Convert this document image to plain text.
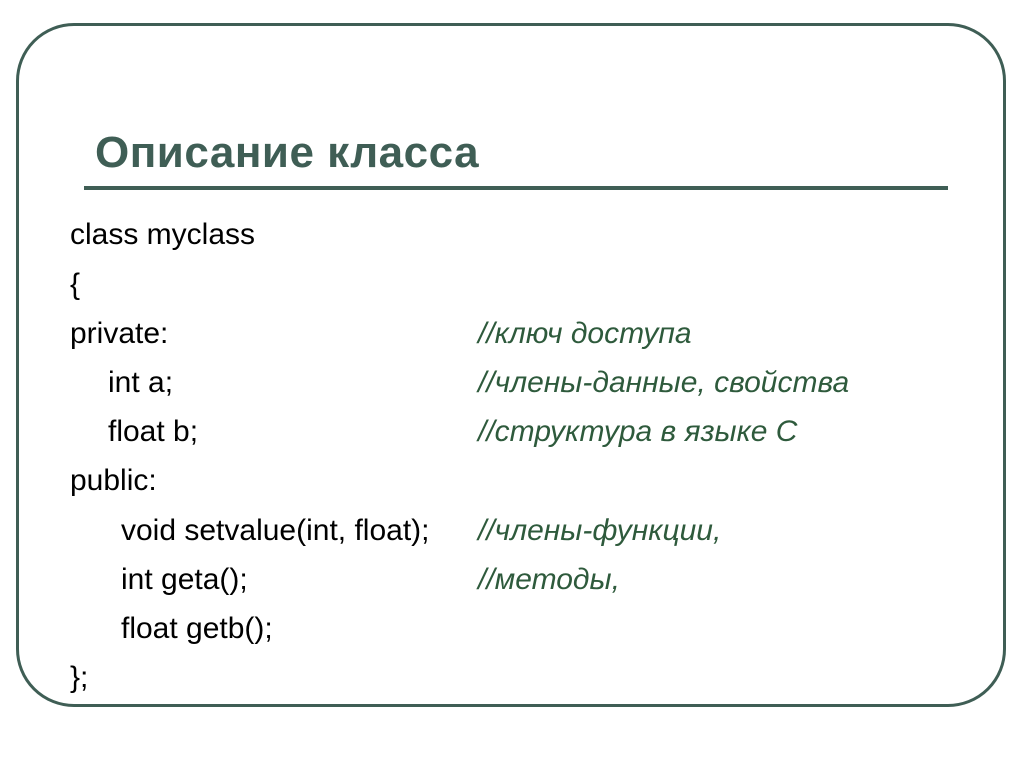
Описание класса
class myclass
{
private:	//ключ доступа
int a;	//члены-данные, свойства
float b;	//структура в языке С
public:
void setvalue(int, float); //члены-функции,
int geta();	//методы,
float getb();
};
